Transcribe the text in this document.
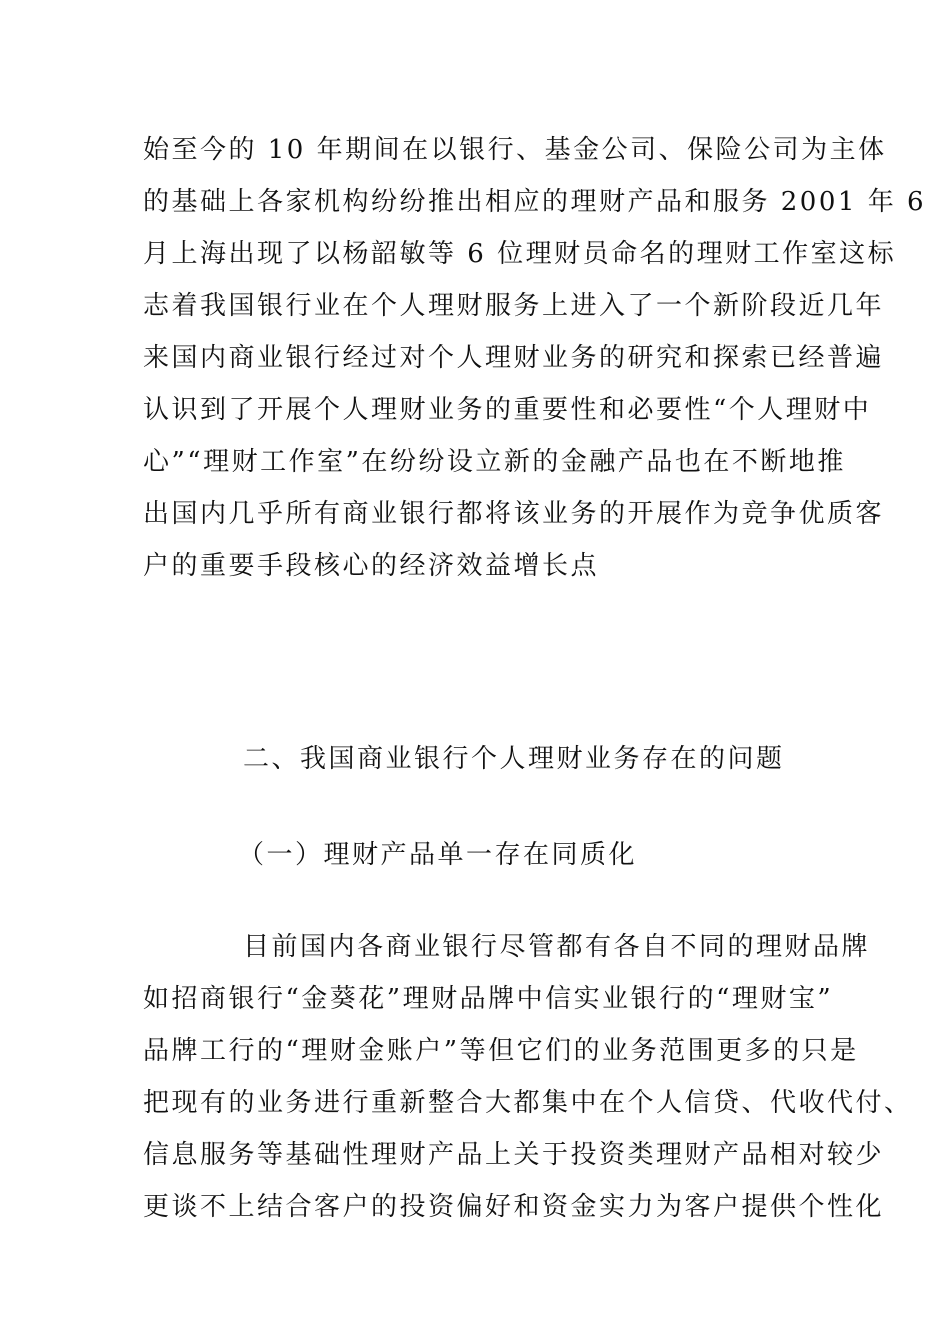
始至今的 10 年期间在以银行、基金公司、保险公司为主体
的基础上各家机构纷纷推出相应的理财产品和服务 2001 年 6
月上海出现了以杨韶敏等 6 位理财员命名的理财工作室这标
志着我国银行业在个人理财服务上进入了一个新阶段近几年
来国内商业银行经过对个人理财业务的研究和探索已经普遍
认识到了开展个人理财业务的重要性和必要性“个人理财中
心”“理财工作室”在纷纷设立新的金融产品也在不断地推
出国内几乎所有商业银行都将该业务的开展作为竞争优质客
户的重要手段核心的经济效益增长点
二、我国商业银行个人理财业务存在的问题
（一）理财产品单一存在同质化
目前国内各商业银行尽管都有各自不同的理财品牌
如招商银行“金葵花”理财品牌中信实业银行的“理财宝”
品牌工行的“理财金账户”等但它们的业务范围更多的只是
把现有的业务进行重新整合大都集中在个人信贷、代收代付、
信息服务等基础性理财产品上关于投资类理财产品相对较少
更谈不上结合客户的投资偏好和资金实力为客户提供个性化
